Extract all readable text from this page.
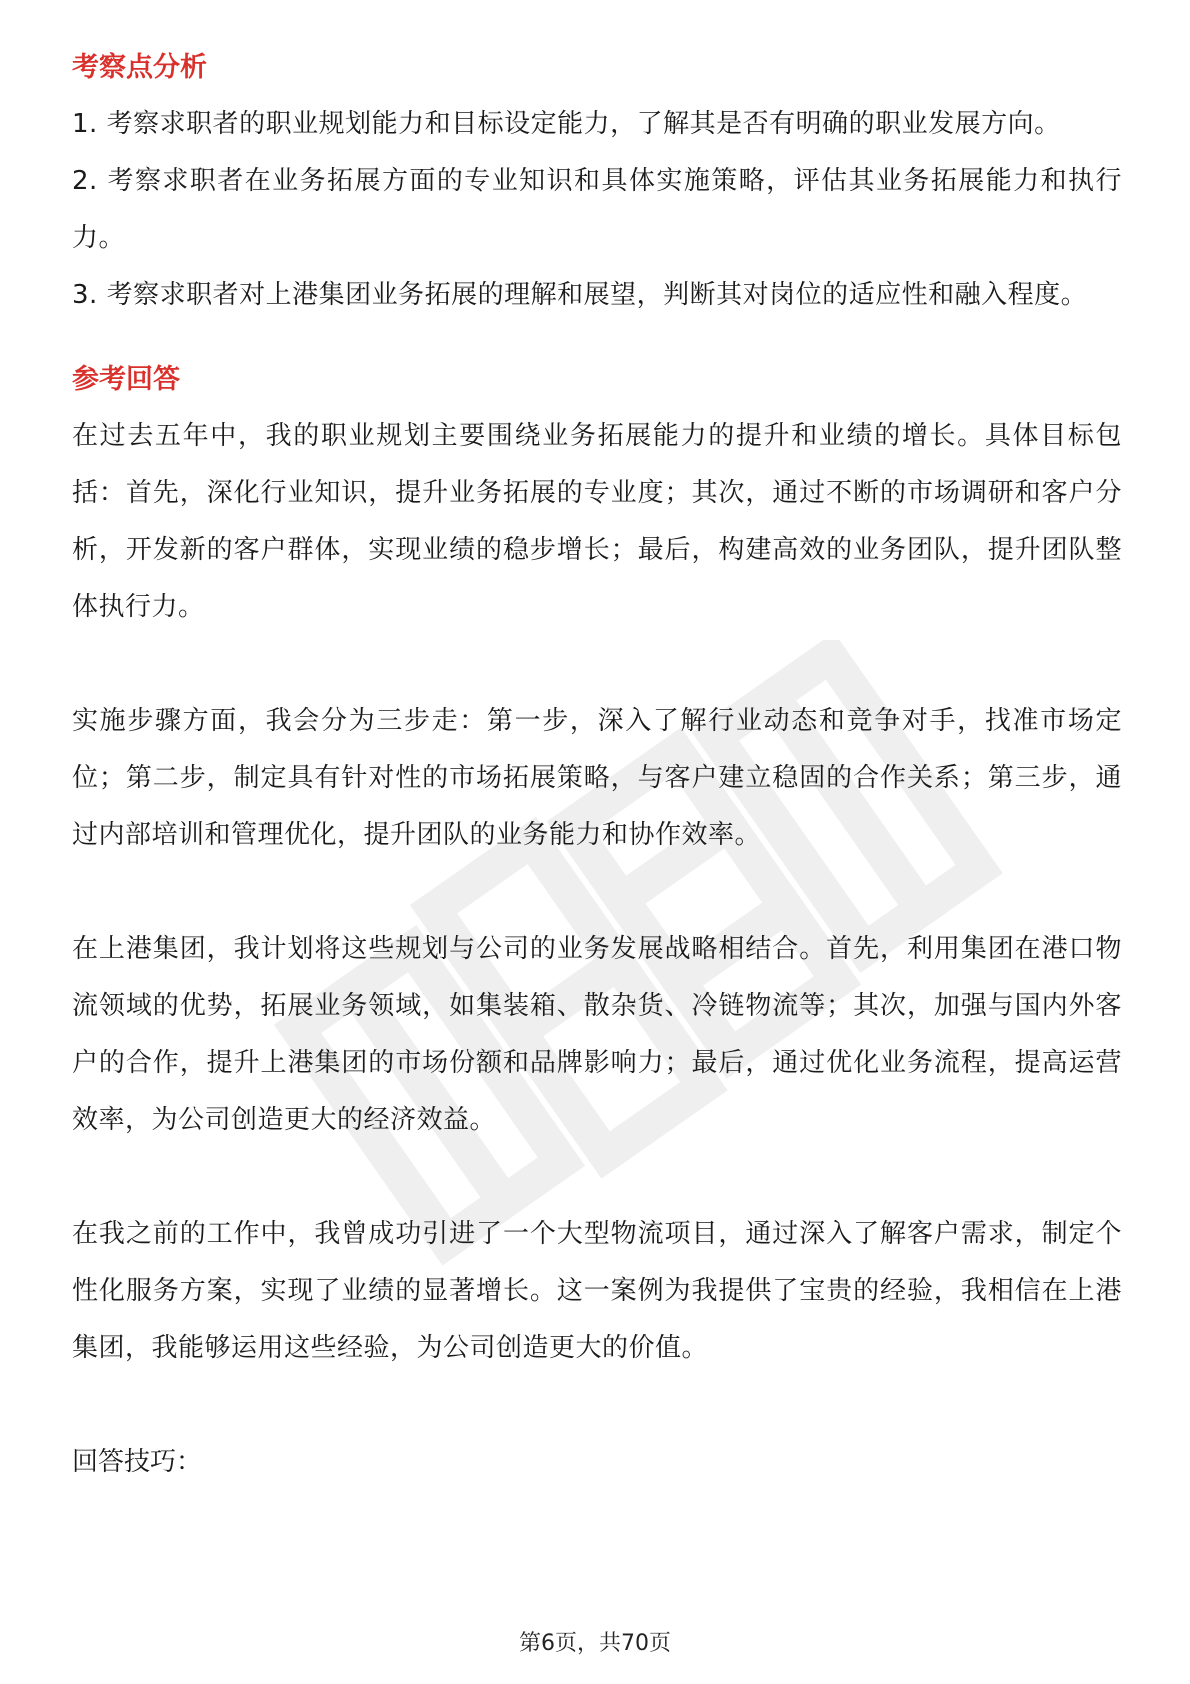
考察点分析

1. 考察求职者的职业规划能力和目标设定能力，了解其是否有明确的职业发展方向。

2. 考察求职者在业务拓展方面的专业知识和具体实施策略，评估其业务拓展能力和执行力。

3. 考察求职者对上港集团业务拓展的理解和展望，判断其对岗位的适应性和融入程度。

参考回答

在过去五年中，我的职业规划主要围绕业务拓展能力的提升和业绩的增长。具体目标包括：首先，深化行业知识，提升业务拓展的专业度；其次，通过不断的市场调研和客户分析，开发新的客户群体，实现业绩的稳步增长；最后，构建高效的业务团队，提升团队整体执行力。

实施步骤方面，我会分为三步走：第一步，深入了解行业动态和竞争对手，找准市场定位；第二步，制定具有针对性的市场拓展策略，与客户建立稳固的合作关系；第三步，通过内部培训和管理优化，提升团队的业务能力和协作效率。

在上港集团，我计划将这些规划与公司的业务发展战略相结合。首先，利用集团在港口物流领域的优势，拓展业务领域，如集装箱、散杂货、冷链物流等；其次，加强与国内外客户的合作，提升上港集团的市场份额和品牌影响力；最后，通过优化业务流程，提高运营效率，为公司创造更大的经济效益。

在我之前的工作中，我曾成功引进了一个大型物流项目，通过深入了解客户需求，制定个性化服务方案，实现了业绩的显著增长。这一案例为我提供了宝贵的经验，我相信在上港集团，我能够运用这些经验，为公司创造更大的价值。

回答技巧：

第6页，共70页
